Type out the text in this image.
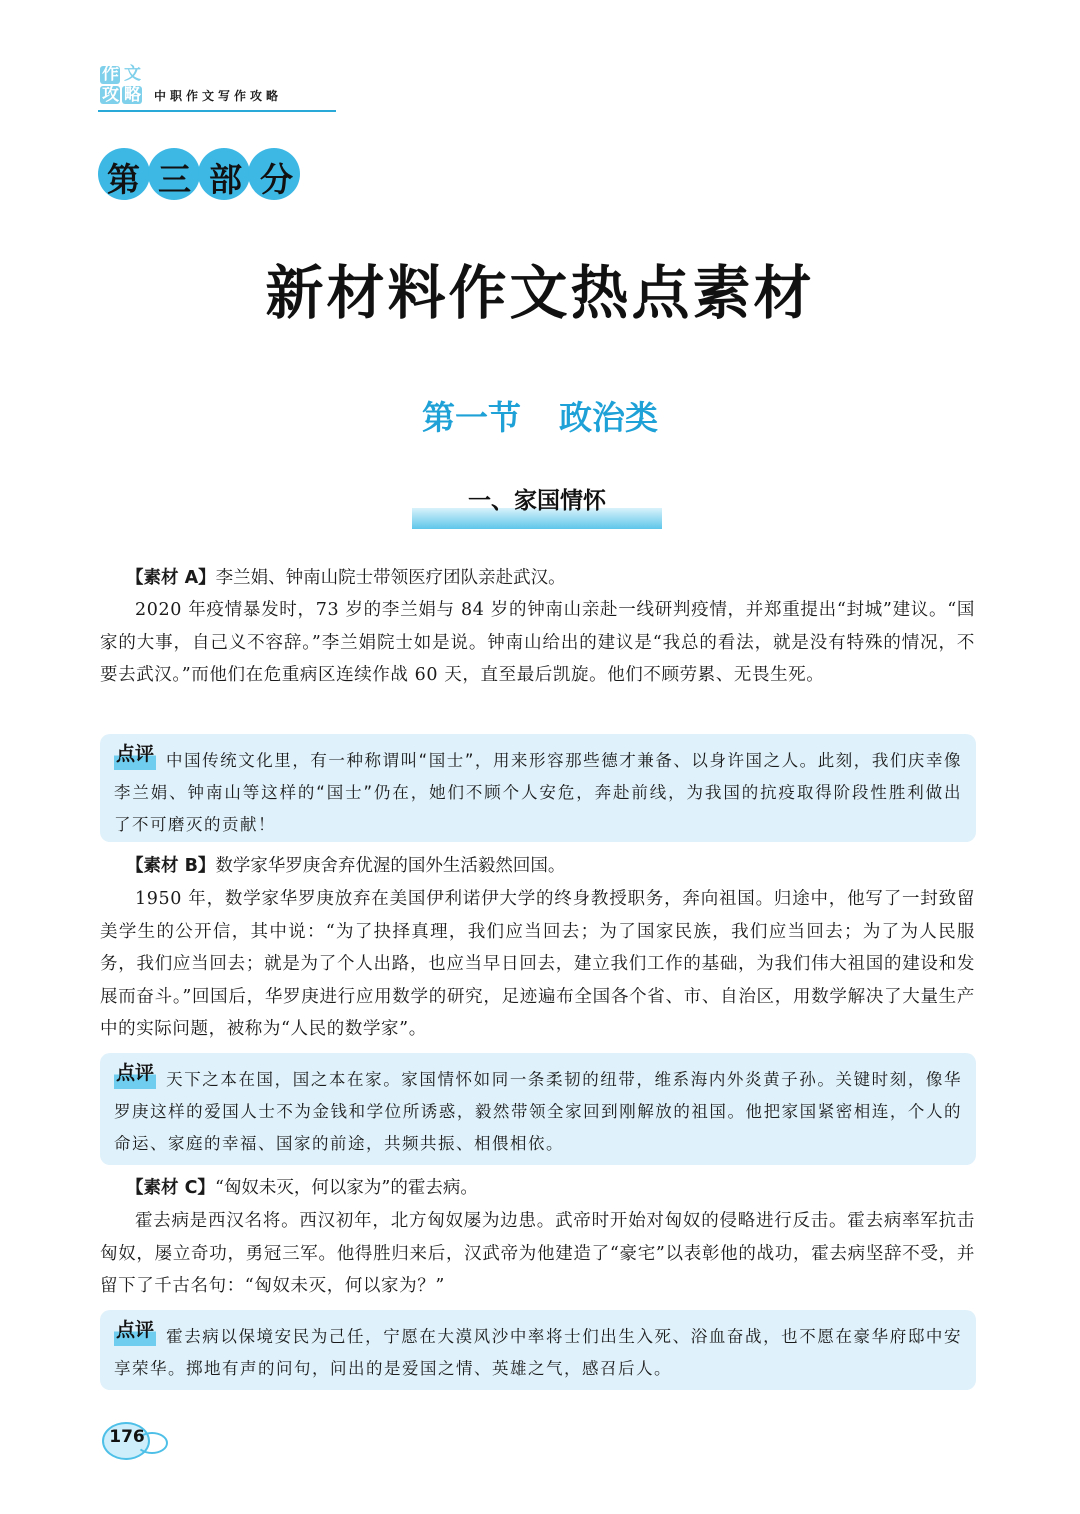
作 文
攻 略 中职作文写作攻略
第 三 部 分
新材料作文热点素材
第一节 政治类
一、家国情怀
【素材 A】李兰娟、钟南山院士带领医疗团队亲赴武汉。
2020 年疫情暴发时，73 岁的李兰娟与 84 岁的钟南山亲赴一线研判疫情，并郑重提出“封城”建议。“国家的大事，自己义不容辞。”李兰娟院士如是说。钟南山给出的建议是“我总的看法，就是没有特殊的情况，不要去武汉。”而他们在危重病区连续作战 60 天，直至最后凯旋。他们不顾劳累、无畏生死。
点评 中国传统文化里，有一种称谓叫“国士”，用来形容那些德才兼备、以身许国之人。此刻，我们庆幸像李兰娟、钟南山等这样的“国士”仍在，她们不顾个人安危，奔赴前线，为我国的抗疫取得阶段性胜利做出了不可磨灭的贡献！
【素材 B】数学家华罗庚舍弃优渥的国外生活毅然回国。
1950 年，数学家华罗庚放弃在美国伊利诺伊大学的终身教授职务，奔向祖国。归途中，他写了一封致留美学生的公开信，其中说：“为了抉择真理，我们应当回去；为了国家民族，我们应当回去；为了为人民服务，我们应当回去；就是为了个人出路，也应当早日回去，建立我们工作的基础，为我们伟大祖国的建设和发展而奋斗。”回国后，华罗庚进行应用数学的研究，足迹遍布全国各个省、市、自治区，用数学解决了大量生产中的实际问题，被称为“人民的数学家”。
点评 天下之本在国，国之本在家。家国情怀如同一条柔韧的纽带，维系海内外炎黄子孙。关键时刻，像华罗庚这样的爱国人士不为金钱和学位所诱惑，毅然带领全家回到刚解放的祖国。他把家国紧密相连，个人的命运、家庭的幸福、国家的前途，共频共振、相偎相依。
【素材 C】“匈奴未灭，何以家为”的霍去病。
霍去病是西汉名将。西汉初年，北方匈奴屡为边患。武帝时开始对匈奴的侵略进行反击。霍去病率军抗击匈奴，屡立奇功，勇冠三军。他得胜归来后，汉武帝为他建造了“豪宅”以表彰他的战功，霍去病坚辞不受，并留下了千古名句：“匈奴未灭，何以家为？”
点评 霍去病以保境安民为己任，宁愿在大漠风沙中率将士们出生入死、浴血奋战，也不愿在豪华府邸中安享荣华。掷地有声的问句，问出的是爱国之情、英雄之气，感召后人。
176
